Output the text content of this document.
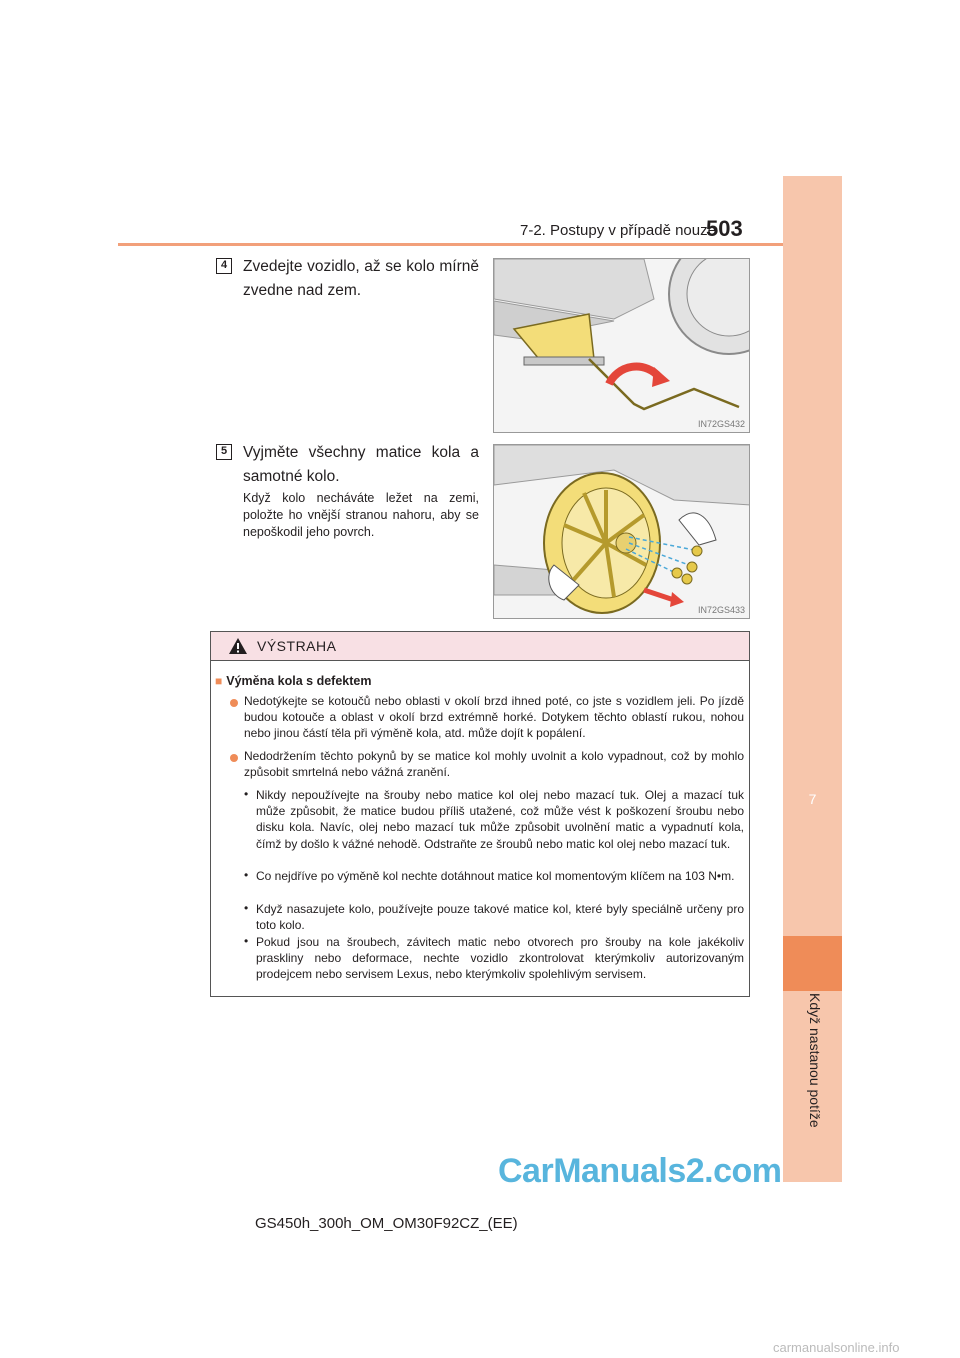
7-2. Postupy v případě nouze
503
Když nastanou potíže
7
4	Zvedejte vozidlo, až se kolo mírně zvedne nad zem.
IN72GS432
5	Vyjměte všechny matice kola a samotné kolo.
Když kolo necháváte ležet na zemi, položte ho vnější stranou nahoru, aby se nepoškodil jeho povrch.
IN72GS433
VÝSTRAHA
■ Výměna kola s defektem
Nedotýkejte se kotoučů nebo oblasti v okolí brzd ihned poté, co jste s vozidlem jeli. Po jízdě budou kotouče a oblast v okolí brzd extrémně horké. Dotykem těchto oblastí rukou, nohou nebo jinou částí těla při výměně kola, atd. může dojít k popálení.
Nedodržením těchto pokynů by se matice kol mohly uvolnit a kolo vypadnout, což by mohlo způsobit smrtelná nebo vážná zranění.
• Nikdy nepoužívejte na šrouby nebo matice kol olej nebo mazací tuk. Olej a mazací tuk může způsobit, že matice budou příliš utažené, což může vést k poškození šroubu nebo disku kola. Navíc, olej nebo mazací tuk může způsobit uvolnění matic a vypadnutí kola, čímž by došlo k vážné nehodě. Odstraňte ze šroubů nebo matic kol olej nebo mazací tuk.
• Co nejdříve po výměně kol nechte dotáhnout matice kol momentovým klíčem na 103 N•m.
• Když nasazujete kolo, používejte pouze takové matice kol, které byly speciálně určeny pro toto kolo.
• Pokud jsou na šroubech, závitech matic nebo otvorech pro šrouby na kole jakékoliv praskliny nebo deformace, nechte vozidlo zkontrolovat kterýmkoliv autorizovaným prodejcem nebo servisem Lexus, nebo kterýmkoliv spolehlivým servisem.
CarManuals2.com
GS450h_300h_OM_OM30F92CZ_(EE)
carmanualsonline.info
